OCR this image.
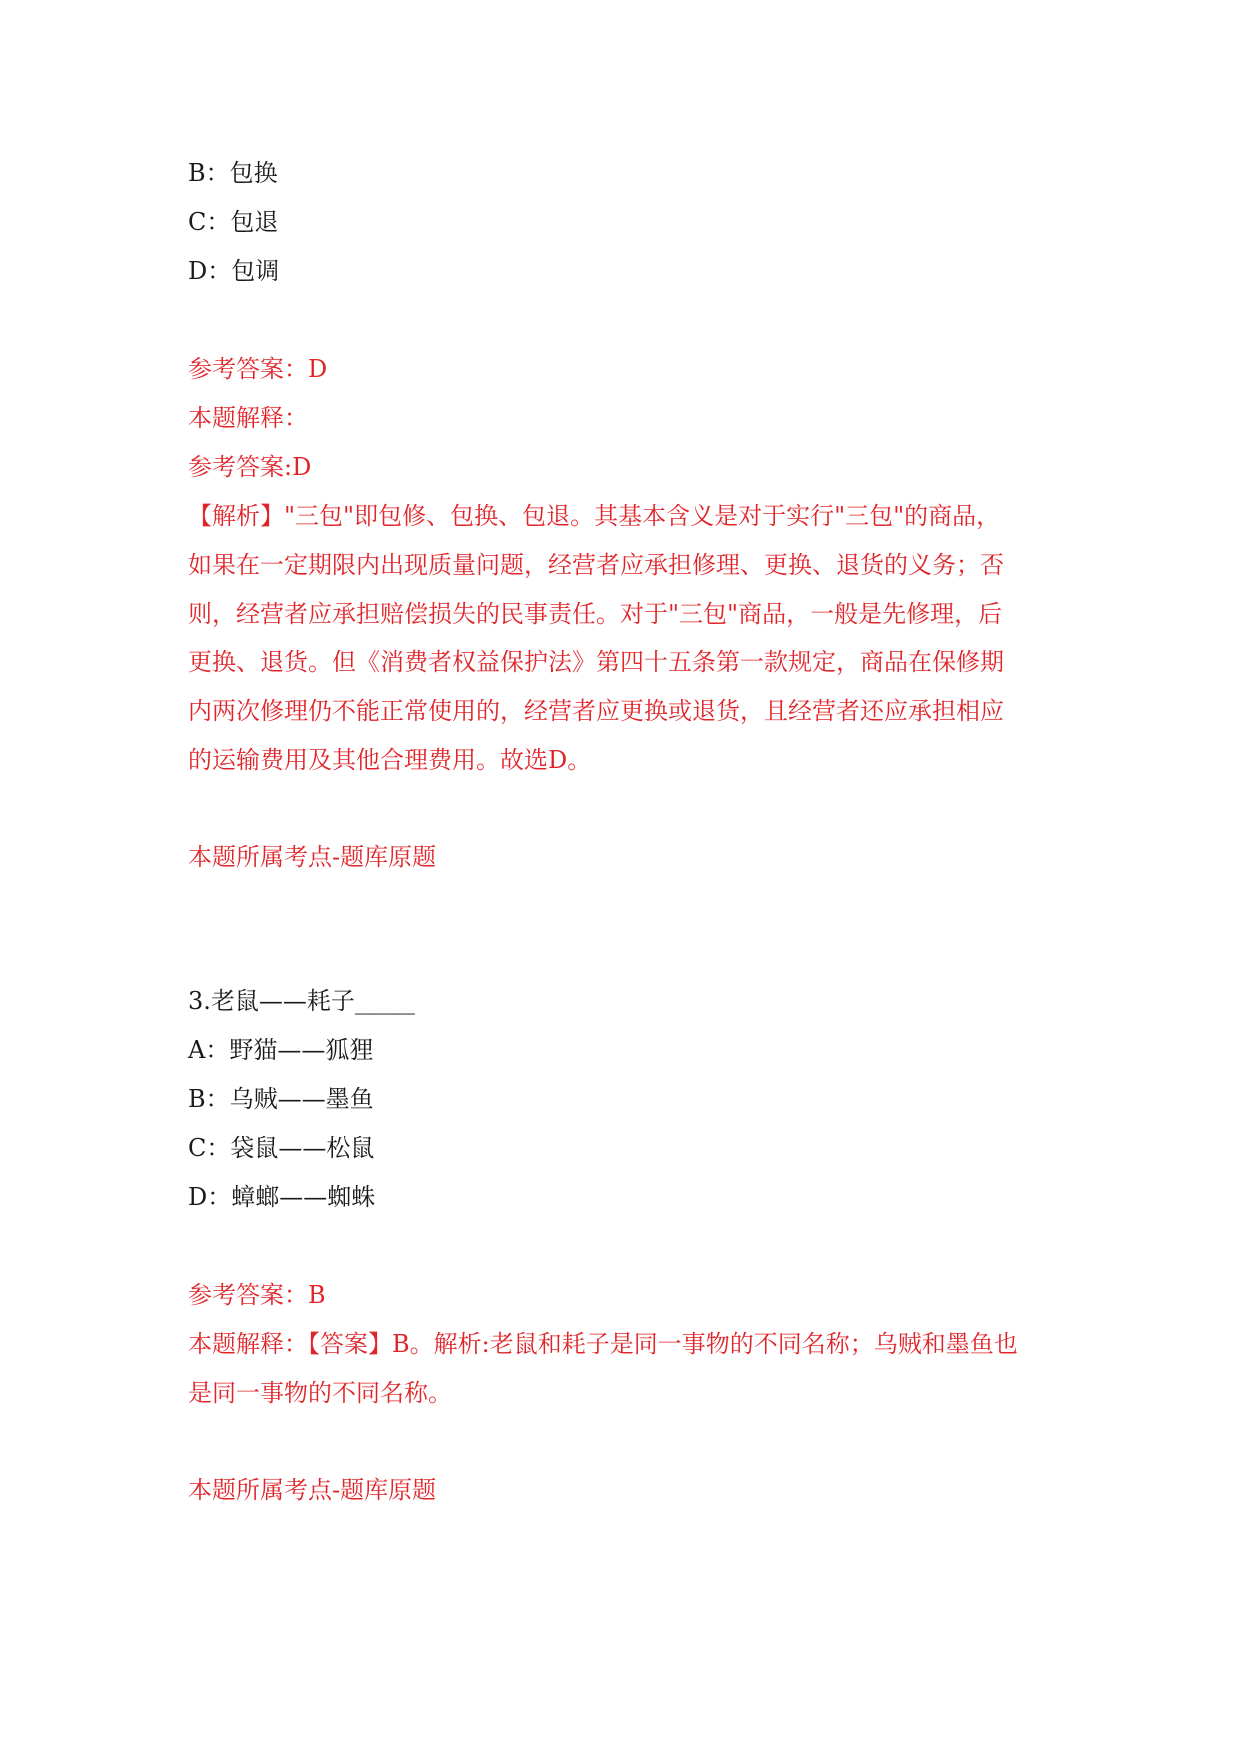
B：包换
C：包退
D：包调
参考答案：D
本题解释：
参考答案:D
【解析】"三包"即包修、包换、包退。其基本含义是对于实行"三包"的商品，
如果在一定期限内出现质量问题，经营者应承担修理、更换、退货的义务；否
则，经营者应承担赔偿损失的民事责任。对于"三包"商品，一般是先修理，后
更换、退货。但《消费者权益保护法》第四十五条第一款规定，商品在保修期
内两次修理仍不能正常使用的，经营者应更换或退货，且经营者还应承担相应
的运输费用及其他合理费用。故选D。
本题所属考点-题库原题
3.老鼠——耗子_____
A：野猫——狐狸
B：乌贼——墨鱼
C：袋鼠——松鼠
D：蟑螂——蜘蛛
参考答案：B
本题解释：【答案】B。解析:老鼠和耗子是同一事物的不同名称；乌贼和墨鱼也
是同一事物的不同名称。
本题所属考点-题库原题
